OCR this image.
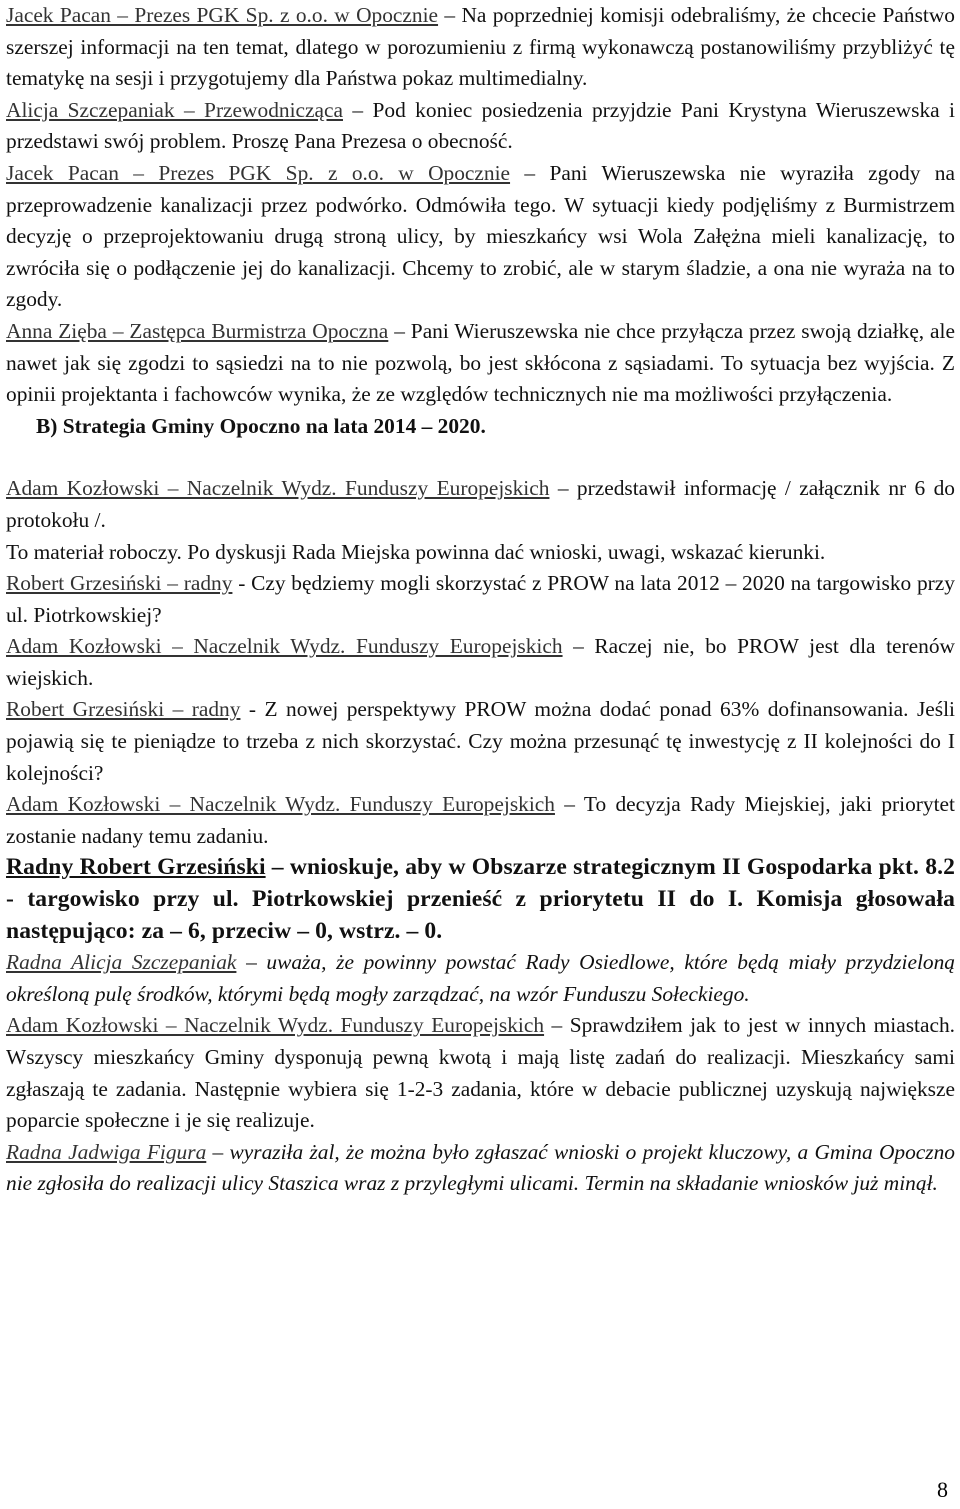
Jacek Pacan – Prezes PGK Sp. z o.o. w Opocznie – Na poprzedniej komisji odebraliśmy, że chcecie Państwo szerszej informacji na ten temat, dlatego w porozumieniu z firmą wykonawczą postanowiliśmy przybliżyć tę tematykę na sesji i przygotujemy dla Państwa pokaz multimedialny.

Alicja Szczepaniak – Przewodnicząca – Pod koniec posiedzenia przyjdzie Pani Krystyna Wieruszewska i przedstawi swój problem. Proszę Pana Prezesa o obecność.

Jacek Pacan – Prezes PGK Sp. z o.o. w Opocznie – Pani Wieruszewska nie wyraziła zgody na przeprowadzenie kanalizacji przez podwórko. Odmówiła tego. W sytuacji kiedy podjęliśmy z Burmistrzem decyzję o przeprojektowaniu drugą stroną ulicy, by mieszkańcy wsi Wola Załężna mieli kanalizację, to zwróciła się o podłączenie jej do kanalizacji. Chcemy to zrobić, ale w starym śladzie, a ona nie wyraża na to zgody.

Anna Zięba – Zastępca Burmistrza Opoczna – Pani Wieruszewska nie chce przyłącza przez swoją działkę, ale nawet jak się zgodzi to sąsiedzi na to nie pozwolą, bo jest skłócona z sąsiadami. To sytuacja bez wyjścia. Z opinii projektanta i fachowców wynika, że ze względów technicznych nie ma możliwości przyłączenia.

B) Strategia Gminy Opoczno na lata 2014 – 2020.

Adam Kozłowski – Naczelnik Wydz. Funduszy Europejskich – przedstawił informację / załącznik nr 6 do protokołu /.

To materiał roboczy. Po dyskusji Rada Miejska powinna dać wnioski, uwagi, wskazać kierunki.

Robert Grzesiński – radny - Czy będziemy mogli skorzystać z PROW na lata 2012 – 2020 na targowisko przy ul. Piotrkowskiej?

Adam Kozłowski – Naczelnik Wydz. Funduszy Europejskich – Raczej nie, bo PROW jest dla terenów wiejskich.

Robert Grzesiński – radny - Z nowej perspektywy PROW można dodać ponad 63% dofinansowania. Jeśli pojawią się te pieniądze to trzeba z nich skorzystać. Czy można przesunąć tę inwestycję z II kolejności do I kolejności?

Adam Kozłowski – Naczelnik Wydz. Funduszy Europejskich – To decyzja Rady Miejskiej, jaki priorytet zostanie nadany temu zadaniu.

Radny Robert Grzesiński – wnioskuje, aby w Obszarze strategicznym II Gospodarka pkt. 8.2 - targowisko przy ul. Piotrkowskiej przenieść z priorytetu II do I. Komisja głosowała następująco: za – 6, przeciw – 0, wstrz. – 0.

Radna Alicja Szczepaniak – uważa, że powinny powstać Rady Osiedlowe, które będą miały przydzieloną określoną pulę środków, którymi będą mogły zarządzać, na wzór Funduszu Sołeckiego.

Adam Kozłowski – Naczelnik Wydz. Funduszy Europejskich – Sprawdziłem jak to jest w innych miastach. Wszyscy mieszkańcy Gminy dysponują pewną kwotą i mają listę zadań do realizacji. Mieszkańcy sami zgłaszają te zadania. Następnie wybiera się 1-2-3 zadania, które w debacie publicznej uzyskują największe poparcie społeczne i je się realizuje.

Radna Jadwiga Figura – wyraziła żal, że można było zgłaszać wnioski o projekt kluczowy, a Gmina Opoczno nie zgłosiła do realizacji ulicy Staszica wraz z przyległymi ulicami. Termin na składanie wniosków już minął.

8
